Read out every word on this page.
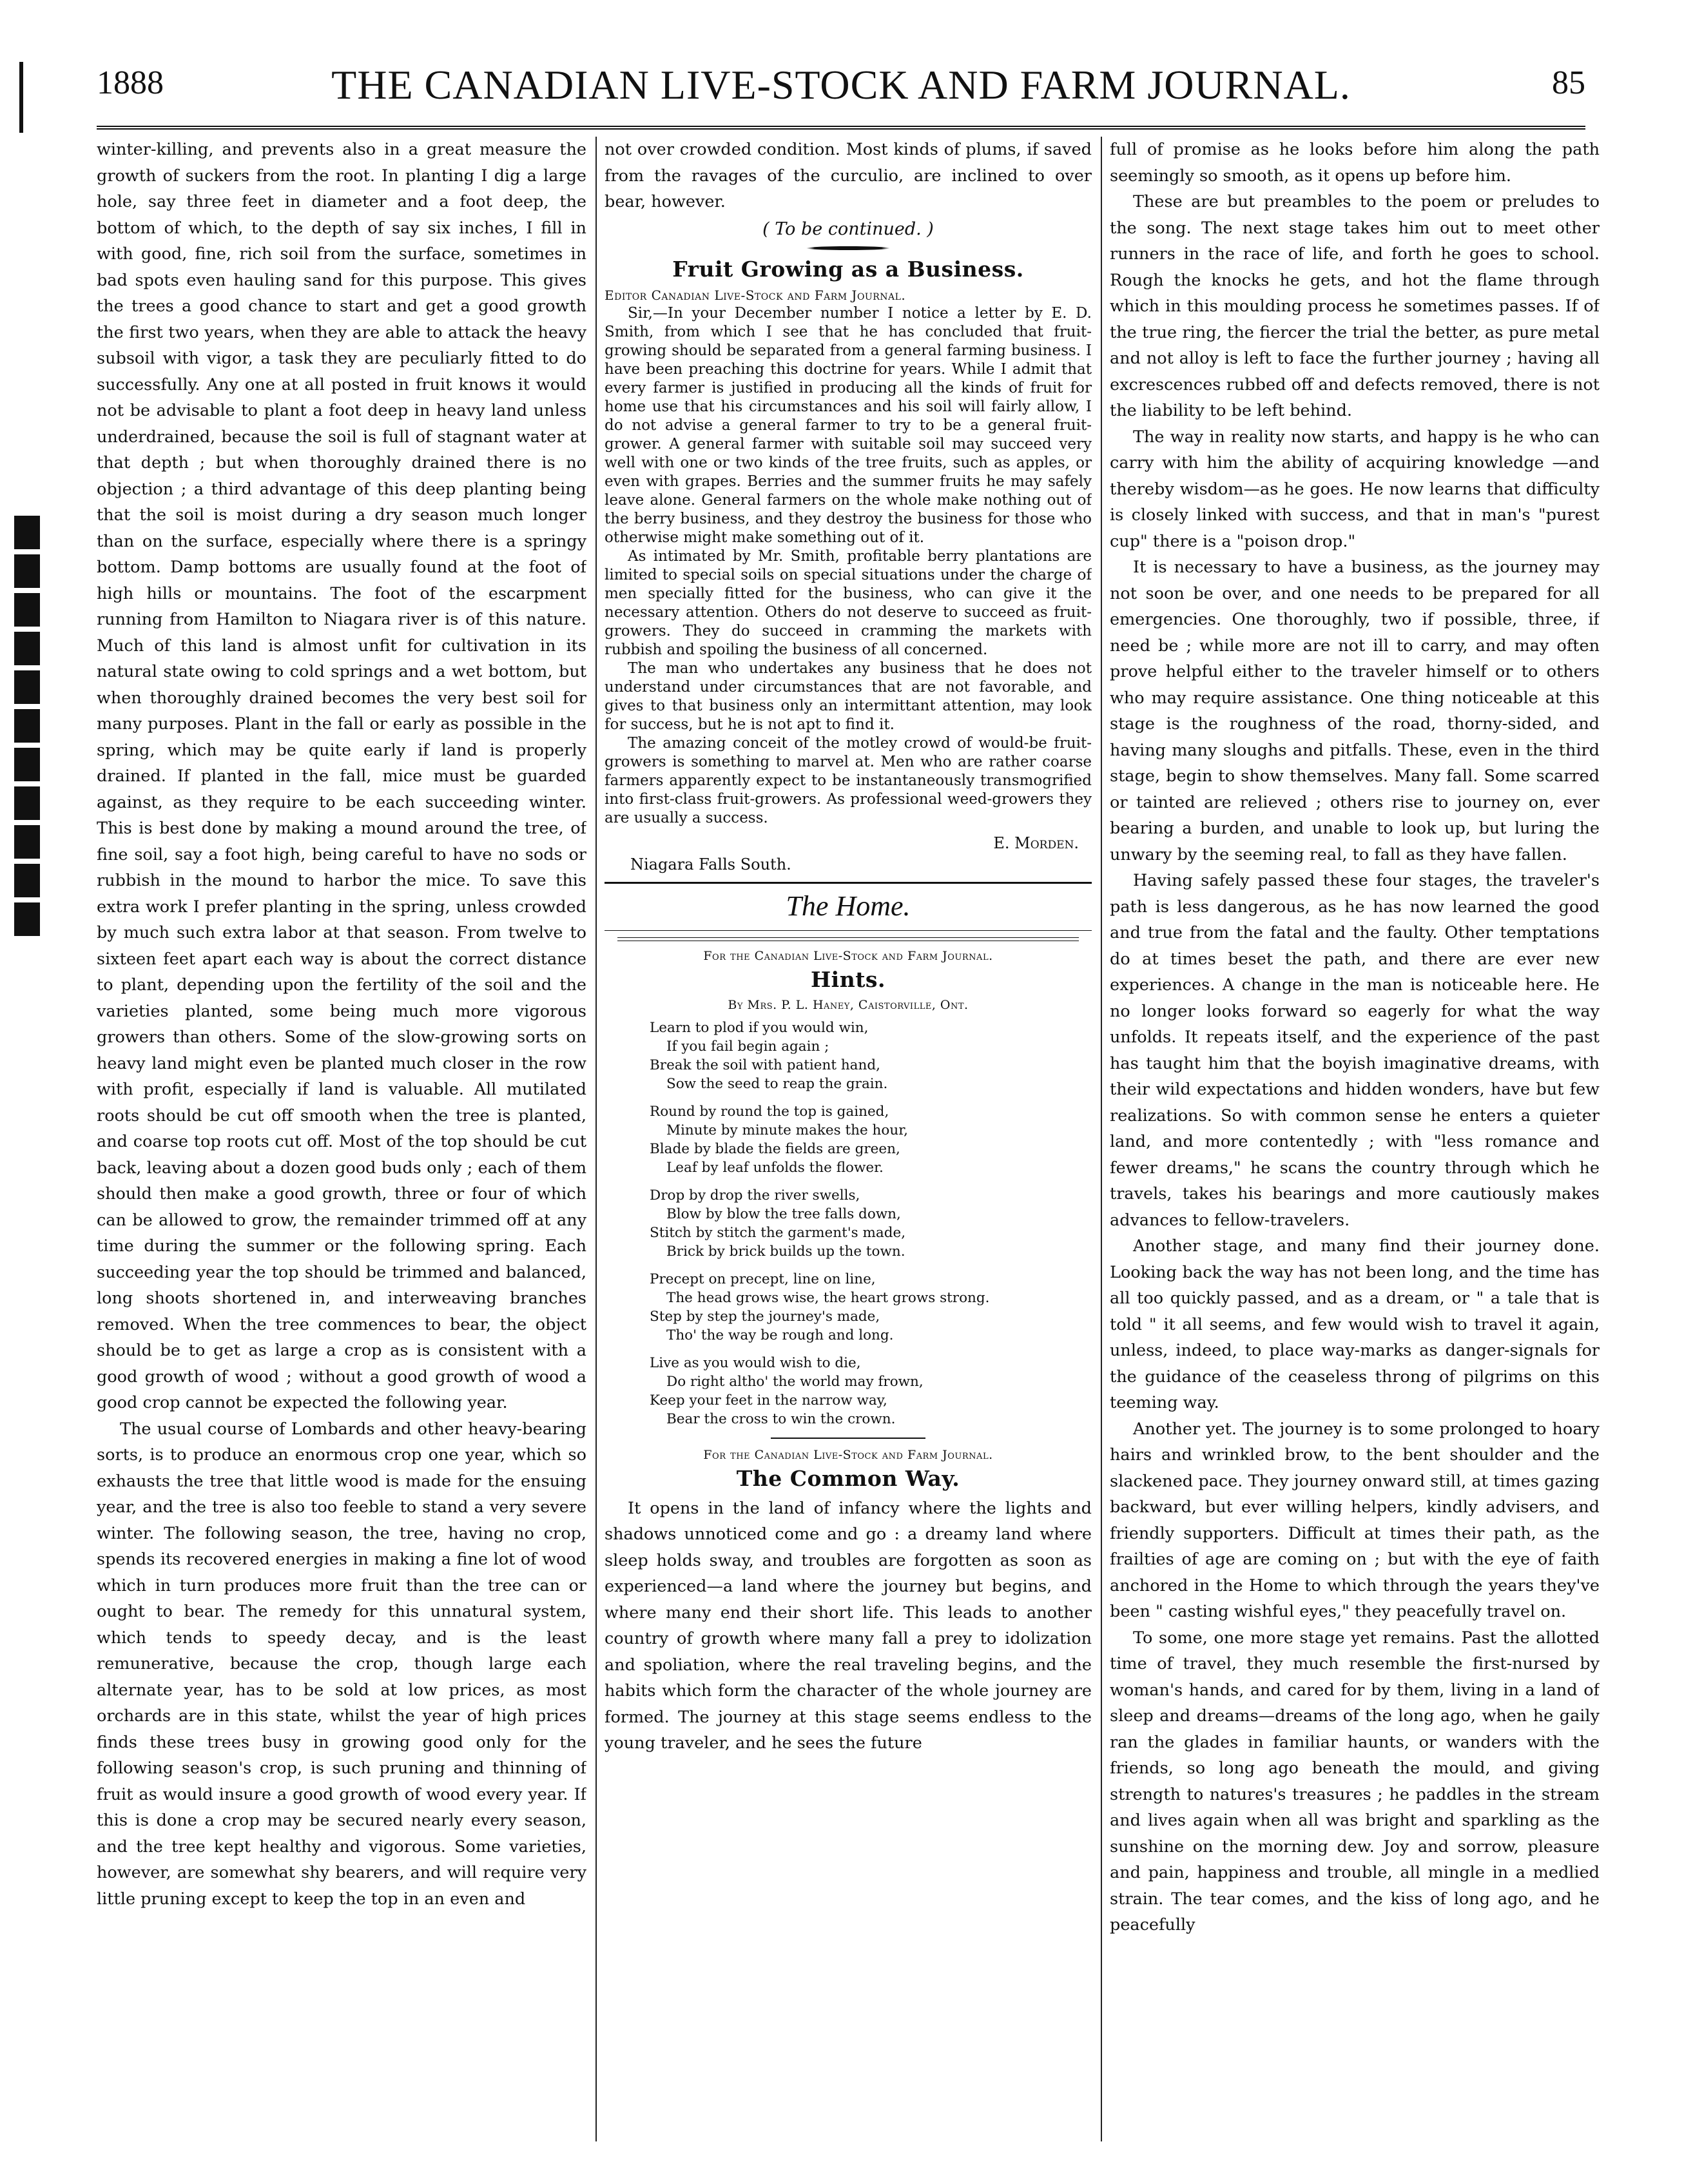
1888	THE CANADIAN LIVE-STOCK AND FARM JOURNAL.	85

winter-killing, and prevents also in a great measure the growth of suckers from the root. In planting I dig a large hole, say three feet in diameter and a foot deep, the bottom of which, to the depth of say six inches, I fill in with good, fine, rich soil from the surface, sometimes in bad spots even hauling sand for this purpose. This gives the trees a good chance to start and get a good growth the first two years, when they are able to attack the heavy subsoil with vigor, a task they are peculiarly fitted to do successfully. Any one at all posted in fruit knows it would not be advisable to plant a foot deep in heavy land unless underdrained, because the soil is full of stagnant water at that depth ; but when thoroughly drained there is no objection ; a third advantage of this deep planting being that the soil is moist during a dry season much longer than on the surface, especially where there is a springy bottom. Damp bottoms are usually found at the foot of high hills or mountains. The foot of the escarpment running from Hamilton to Niagara river is of this nature. Much of this land is almost unfit for cultivation in its natural state owing to cold springs and a wet bottom, but when thoroughly drained becomes the very best soil for many purposes. Plant in the fall or early as possible in the spring, which may be quite early if land is properly drained. If planted in the fall, mice must be guarded against, as they require to be each succeeding winter. This is best done by making a mound around the tree, of fine soil, say a foot high, being careful to have no sods or rubbish in the mound to harbor the mice. To save this extra work I prefer planting in the spring, unless crowded by much such extra labor at that season. From twelve to sixteen feet apart each way is about the correct distance to plant, depending upon the fertility of the soil and the varieties planted, some being much more vigorous growers than others. Some of the slow-growing sorts on heavy land might even be planted much closer in the row with profit, especially if land is valuable. All mutilated roots should be cut off smooth when the tree is planted, and coarse top roots cut off. Most of the top should be cut back, leaving about a dozen good buds only ; each of them should then make a good growth, three or four of which can be allowed to grow, the remainder trimmed off at any time during the summer or the following spring. Each succeeding year the top should be trimmed and balanced, long shoots shortened in, and interweaving branches removed. When the tree commences to bear, the object should be to get as large a crop as is consistent with a good growth of wood ; without a good growth of wood a good crop cannot be expected the following year.

The usual course of Lombards and other heavy-bearing sorts, is to produce an enormous crop one year, which so exhausts the tree that little wood is made for the ensuing year, and the tree is also too feeble to stand a very severe winter. The following season, the tree, having no crop, spends its recovered energies in making a fine lot of wood which in turn produces more fruit than the tree can or ought to bear. The remedy for this unnatural system, which tends to speedy decay, and is the least remunerative, because the crop, though large each alternate year, has to be sold at low prices, as most orchards are in this state, whilst the year of high prices finds these trees busy in growing good only for the following season's crop, is such pruning and thinning of fruit as would insure a good growth of wood every year. If this is done a crop may be secured nearly every season, and the tree kept healthy and vigorous. Some varieties, however, are somewhat shy bearers, and will require very little pruning except to keep the top in an even and

not over crowded condition. Most kinds of plums, if saved from the ravages of the curculio, are inclined to over bear, however.

( To be continued. )
Fruit Growing as a Business.

Editor Canadian Live-Stock and Farm Journal.

Sir,—In your December number I notice a letter by E. D. Smith, from which I see that he has concluded that fruit-growing should be separated from a general farming business. I have been preaching this doctrine for years. While I admit that every farmer is justified in producing all the kinds of fruit for home use that his circumstances and his soil will fairly allow, I do not advise a general farmer to try to be a general fruit-grower. A general farmer with suitable soil may succeed very well with one or two kinds of the tree fruits, such as apples, or even with grapes. Berries and the summer fruits he may safely leave alone. General farmers on the whole make nothing out of the berry business, and they destroy the business for those who otherwise might make something out of it.

As intimated by Mr. Smith, profitable berry plantations are limited to special soils on special situations under the charge of men specially fitted for the business, who can give it the necessary attention. Others do not deserve to succeed as fruit-growers. They do succeed in cramming the markets with rubbish and spoiling the business of all concerned.

The man who undertakes any business that he does not understand under circumstances that are not favorable, and gives to that business only an intermittant attention, may look for success, but he is not apt to find it.

The amazing conceit of the motley crowd of would-be fruit-growers is something to marvel at. Men who are rather coarse farmers apparently expect to be instantaneously transmogrified into first-class fruit-growers. As professional weed-growers they are usually a success.

E. Morden.

Niagara Falls South.

The Home.
For the Canadian Live-Stock and Farm Journal.
Hints.
By Mrs. P. L. Haney, Caistorville, Ont.
Learn to plod if you would win,
If you fail begin again ;
Break the soil with patient hand,
Sow the seed to reap the grain.
Round by round the top is gained,
Minute by minute makes the hour,
Blade by blade the fields are green,
Leaf by leaf unfolds the flower.
Drop by drop the river swells,
Blow by blow the tree falls down,
Stitch by stitch the garment's made,
Brick by brick builds up the town.
Precept on precept, line on line,
The head grows wise, the heart grows strong.
Step by step the journey's made,
Tho' the way be rough and long.
Live as you would wish to die,
Do right altho' the world may frown,
Keep your feet in the narrow way,
Bear the cross to win the crown.
For the Canadian Live-Stock and Farm Journal.
The Common Way.

It opens in the land of infancy where the lights and shadows unnoticed come and go : a dreamy land where sleep holds sway, and troubles are forgotten as soon as experienced—a land where the journey but begins, and where many end their short life. This leads to another country of growth where many fall a prey to idolization and spoliation, where the real traveling begins, and the habits which form the character of the whole journey are formed. The journey at this stage seems endless to the young traveler, and he sees the future

full of promise as he looks before him along the path seemingly so smooth, as it opens up before him.

These are but preambles to the poem or preludes to the song. The next stage takes him out to meet other runners in the race of life, and forth he goes to school. Rough the knocks he gets, and hot the flame through which in this moulding process he sometimes passes. If of the true ring, the fiercer the trial the better, as pure metal and not alloy is left to face the further journey ; having all excrescences rubbed off and defects removed, there is not the liability to be left behind.

The way in reality now starts, and happy is he who can carry with him the ability of acquiring knowledge —and thereby wisdom—as he goes. He now learns that difficulty is closely linked with success, and that in man's "purest cup" there is a "poison drop."

It is necessary to have a business, as the journey may not soon be over, and one needs to be prepared for all emergencies. One thoroughly, two if possible, three, if need be ; while more are not ill to carry, and may often prove helpful either to the traveler himself or to others who may require assistance. One thing noticeable at this stage is the roughness of the road, thorny-sided, and having many sloughs and pitfalls. These, even in the third stage, begin to show themselves. Many fall. Some scarred or tainted are relieved ; others rise to journey on, ever bearing a burden, and unable to look up, but luring the unwary by the seeming real, to fall as they have fallen.

Having safely passed these four stages, the traveler's path is less dangerous, as he has now learned the good and true from the fatal and the faulty. Other temptations do at times beset the path, and there are ever new experiences. A change in the man is noticeable here. He no longer looks forward so eagerly for what the way unfolds. It repeats itself, and the experience of the past has taught him that the boyish imaginative dreams, with their wild expectations and hidden wonders, have but few realizations. So with common sense he enters a quieter land, and more contentedly ; with "less romance and fewer dreams," he scans the country through which he travels, takes his bearings and more cautiously makes advances to fellow-travelers.

Another stage, and many find their journey done. Looking back the way has not been long, and the time has all too quickly passed, and as a dream, or " a tale that is told " it all seems, and few would wish to travel it again, unless, indeed, to place way-marks as danger-signals for the guidance of the ceaseless throng of pilgrims on this teeming way.

Another yet. The journey is to some prolonged to hoary hairs and wrinkled brow, to the bent shoulder and the slackened pace. They journey onward still, at times gazing backward, but ever willing helpers, kindly advisers, and friendly supporters. Difficult at times their path, as the frailties of age are coming on ; but with the eye of faith anchored in the Home to which through the years they've been " casting wishful eyes," they peacefully travel on.

To some, one more stage yet remains. Past the allotted time of travel, they much resemble the first-nursed by woman's hands, and cared for by them, living in a land of sleep and dreams—dreams of the long ago, when he gaily ran the glades in familiar haunts, or wanders with the friends, so long ago beneath the mould, and giving strength to natures's treasures ; he paddles in the stream and lives again when all was bright and sparkling as the sunshine on the morning dew. Joy and sorrow, pleasure and pain, happiness and trouble, all mingle in a medlied strain. The tear comes, and the kiss of long ago, and he peacefully
